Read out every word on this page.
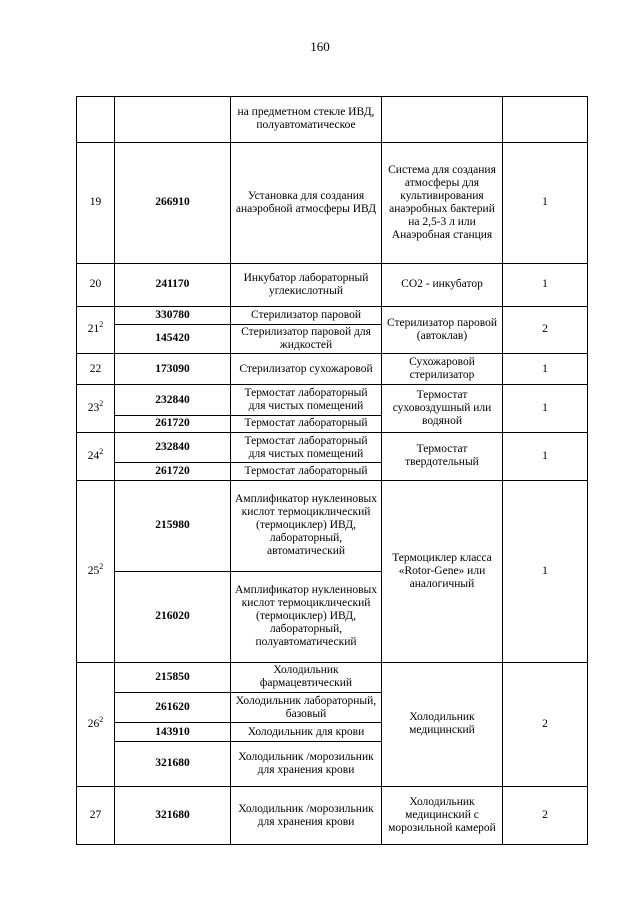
160
		на предметном стекле ИВД, полуавтоматическое		
19	266910	Установка для создания анаэробной атмосферы ИВД	Система для создания атмосферы для культивирования анаэробных бактерий на 2,5-3 л или Анаэробная станция	1
20	241170	Инкубатор лабораторный углекислотный	CO2 - инкубатор	1
$21^2$	330780	Стерилизатор паровой	Стерилизатор паровой (автоклав)	2
	145420	Стерилизатор паровой для жидкостей		
22	173090	Стерилизатор сухожаровой	Сухожаровой стерилизатор	1
$23^2$	232840	Термостат лабораторный для чистых помещений	Термостат суховоздушный или водяной	1
	261720	Термостат лабораторный		
$24^2$	232840	Термостат лабораторный для чистых помещений	Термостат твердотельный	1
	261720	Термостат лабораторный		
$25^2$	215980	Амплификатор нуклеиновых кислот термоциклический (термоциклер) ИВД, лабораторный, автоматический	Термоциклер класса «Rotor-Gene» или аналогичный	1
	216020	Амплификатор нуклеиновых кислот термоциклический (термоциклер) ИВД, лабораторный, полуавтоматический		
$26^2$	215850	Холодильник фармацевтический	Холодильник медицинский	2
	261620	Холодильник лабораторный, базовый		
	143910	Холодильник для крови		
	321680	Холодильник /морозильник для хранения крови		
27	321680	Холодильник /морозильник для хранения крови	Холодильник медицинский с морозильной камерой	2
